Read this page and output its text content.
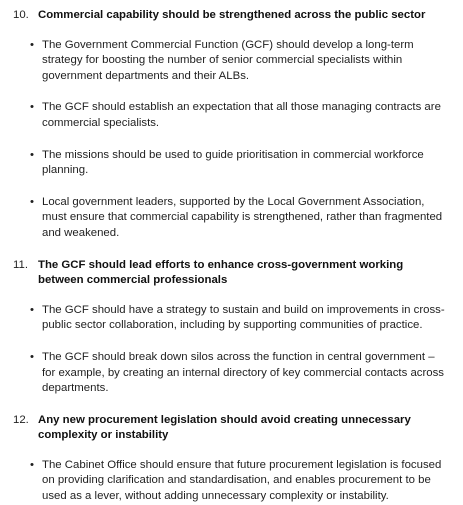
10. Commercial capability should be strengthened across the public sector
• The Government Commercial Function (GCF) should develop a long-term strategy for boosting the number of senior commercial specialists within government departments and their ALBs.
• The GCF should establish an expectation that all those managing contracts are commercial specialists.
• The missions should be used to guide prioritisation in commercial workforce planning.
• Local government leaders, supported by the Local Government Association, must ensure that commercial capability is strengthened, rather than fragmented and weakened.
11. The GCF should lead efforts to enhance cross-government working between commercial professionals
• The GCF should have a strategy to sustain and build on improvements in cross-public sector collaboration, including by supporting communities of practice.
• The GCF should break down silos across the function in central government – for example, by creating an internal directory of key commercial contacts across departments.
12. Any new procurement legislation should avoid creating unnecessary complexity or instability
• The Cabinet Office should ensure that future procurement legislation is focused on providing clarification and standardisation, and enables procurement to be used as a lever, without adding unnecessary complexity or instability.
